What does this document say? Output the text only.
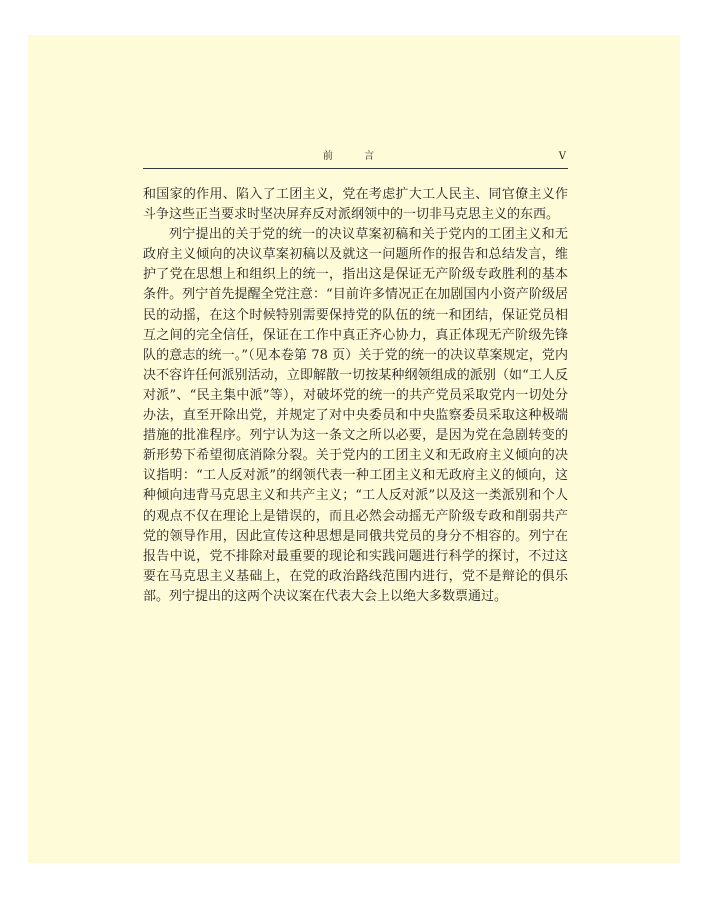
前 言	V

和国家的作用、陷入了工团主义，党在考虑扩大工人民主、同官僚主义作斗争这些正当要求时坚决屏弃反对派纲领中的一切非马克思主义的东西。

列宁提出的关于党的统一的决议草案初稿和关于党内的工团主义和无政府主义倾向的决议草案初稿以及就这一问题所作的报告和总结发言，维护了党在思想上和组织上的统一，指出这是保证无产阶级专政胜利的基本条件。列宁首先提醒全党注意：“目前许多情况正在加剧国内小资产阶级居民的动摇，在这个时候特别需要保持党的队伍的统一和团结，保证党员相互之间的完全信任，保证在工作中真正齐心协力，真正体现无产阶级先锋队的意志的统一。”（见本卷第 78 页）关于党的统一的决议草案规定，党内决不容许任何派别活动，立即解散一切按某种纲领组成的派别（如“工人反对派”、“民主集中派”等），对破坏党的统一的共产党员采取党内一切处分办法，直至开除出党，并规定了对中央委员和中央监察委员采取这种极端措施的批准程序。列宁认为这一条文之所以必要，是因为党在急剧转变的新形势下希望彻底消除分裂。关于党内的工团主义和无政府主义倾向的决议指明：“工人反对派”的纲领代表一种工团主义和无政府主义的倾向，这种倾向违背马克思主义和共产主义；“工人反对派”以及这一类派别和个人的观点不仅在理论上是错误的，而且必然会动摇无产阶级专政和削弱共产党的领导作用，因此宣传这种思想是同俄共党员的身分不相容的。列宁在报告中说，党不排除对最重要的现论和实践问题进行科学的探讨，不过这要在马克思主义基础上，在党的政治路线范围内进行，党不是辩论的俱乐部。列宁提出的这两个决议案在代表大会上以绝大多数票通过。
